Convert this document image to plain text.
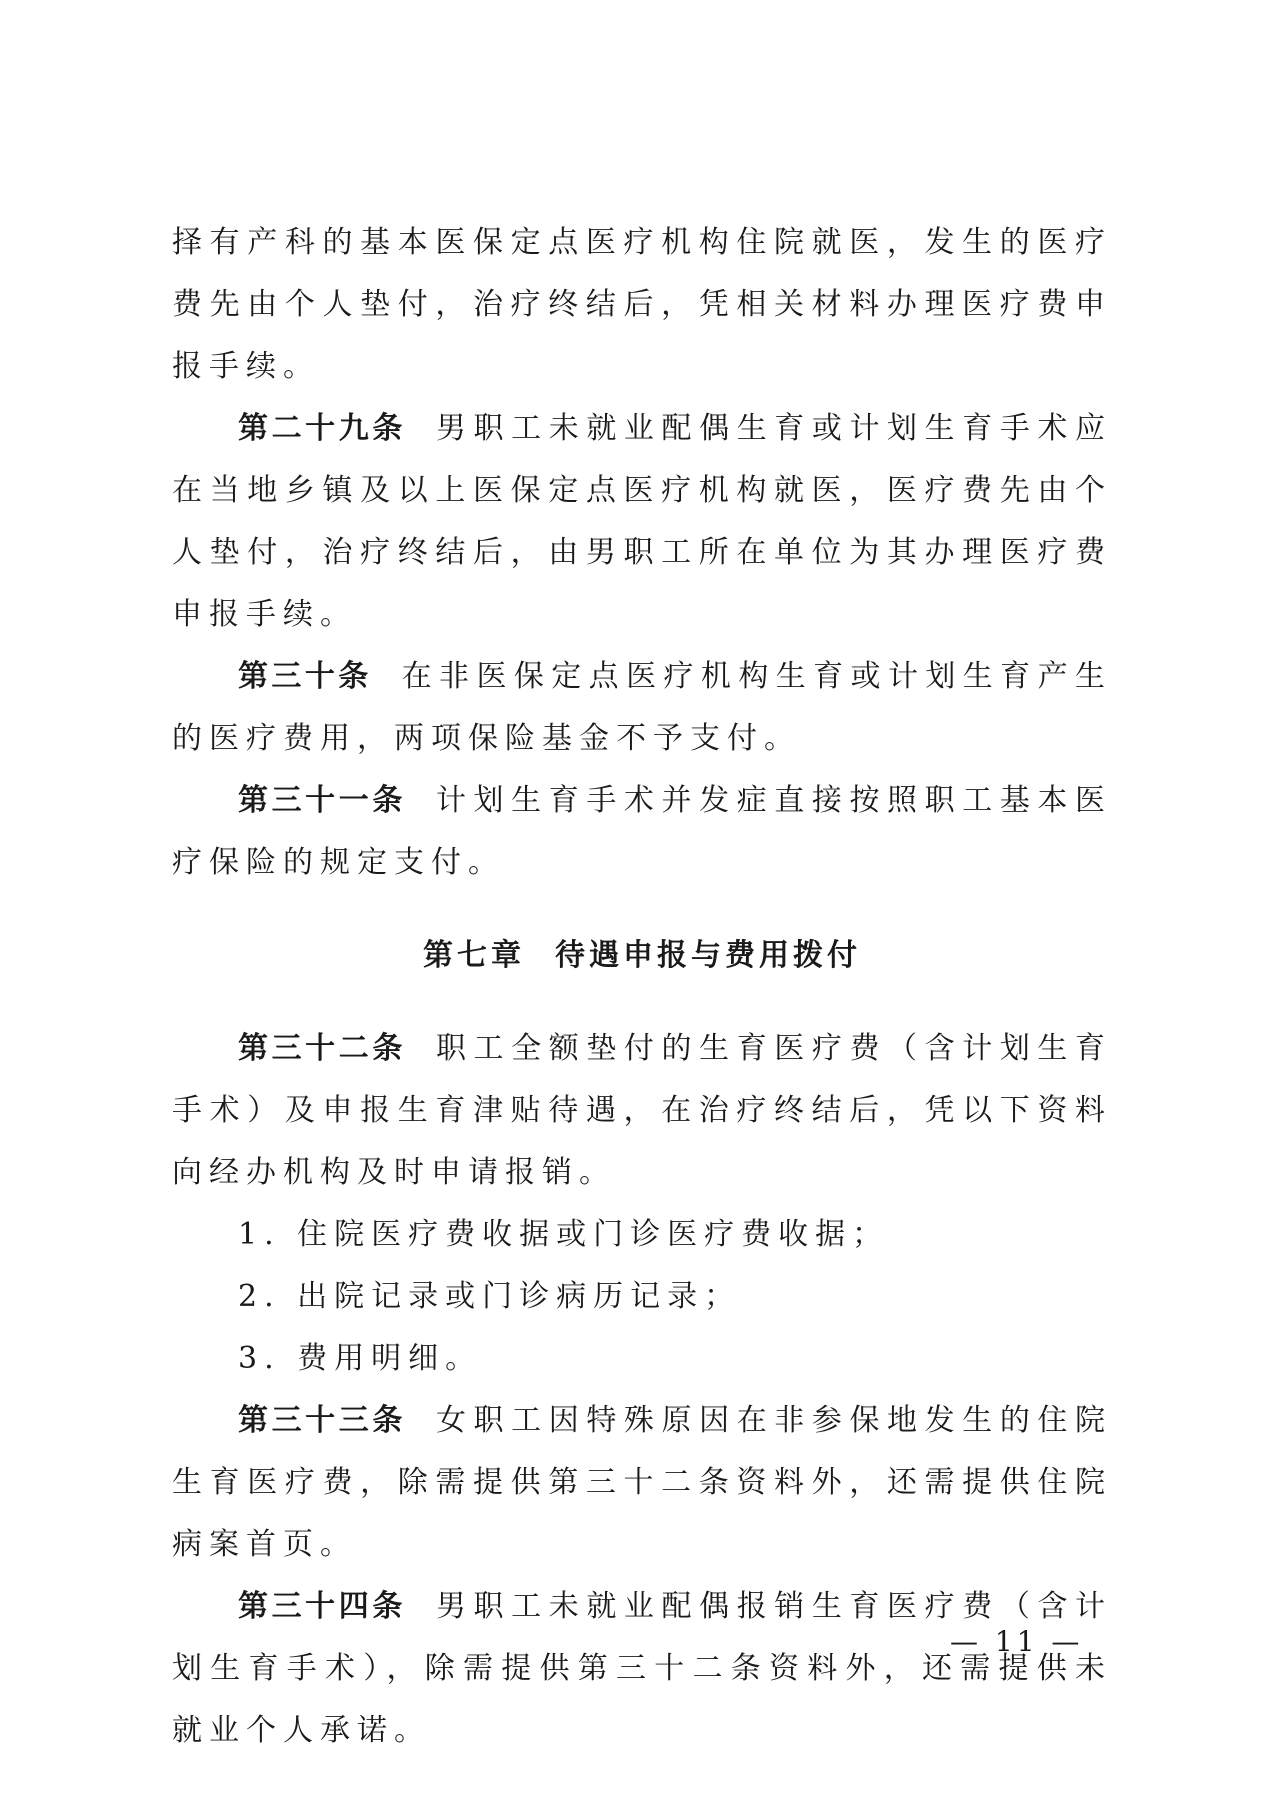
择有产科的基本医保定点医疗机构住院就医，发生的医疗费先由个人垫付，治疗终结后，凭相关材料办理医疗费申报手续。

第二十九条 男职工未就业配偶生育或计划生育手术应在当地乡镇及以上医保定点医疗机构就医，医疗费先由个人垫付，治疗终结后，由男职工所在单位为其办理医疗费申报手续。

第三十条 在非医保定点医疗机构生育或计划生育产生的医疗费用，两项保险基金不予支付。

第三十一条 计划生育手术并发症直接按照职工基本医疗保险的规定支付。

第七章 待遇申报与费用拨付

第三十二条 职工全额垫付的生育医疗费（含计划生育手术）及申报生育津贴待遇，在治疗终结后，凭以下资料向经办机构及时申请报销。

1. 住院医疗费收据或门诊医疗费收据；

2. 出院记录或门诊病历记录；

3. 费用明细。

第三十三条 女职工因特殊原因在非参保地发生的住院生育医疗费，除需提供第三十二条资料外，还需提供住院病案首页。

第三十四条 男职工未就业配偶报销生育医疗费（含计划生育手术），除需提供第三十二条资料外，还需提供未就业个人承诺。

— 11 —
